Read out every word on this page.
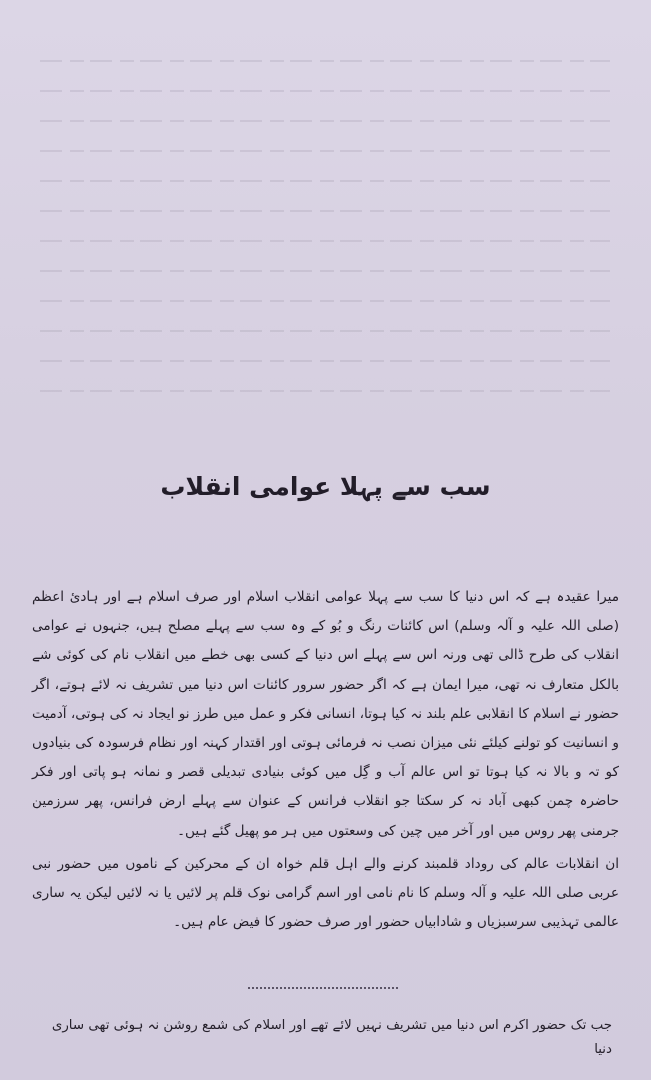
سب سے پہلا عوامی انقلاب

میرا عقیدہ ہے کہ اس دنیا کا سب سے پہلا عوامی انقلاب اسلام اور صرف اسلام ہے اور ہادیٔ اعظم (صلی اللہ علیہ و آلہ وسلم) اس کائنات رنگ و بُو کے وہ سب سے پہلے مصلح ہیں، جنہوں نے عوامی انقلاب کی طرح ڈالی تھی ورنہ اس سے پہلے اس دنیا کے کسی بھی خطے میں انقلاب نام کی کوئی شے بالکل متعارف نہ تھی، میرا ایمان ہے کہ اگر حضور سرور کائنات اس دنیا میں تشریف نہ لائے ہوتے، اگر حضور نے اسلام کا انقلابی علم بلند نہ کیا ہوتا، انسانی فکر و عمل میں طرز نو ایجاد نہ کی ہوتی، آدمیت و انسانیت کو تولنے کیلئے نئی میزان نصب نہ فرمائی ہوتی اور اقتدار کہنہ اور نظام فرسودہ کی بنیادوں کو تہ و بالا نہ کیا ہوتا تو اس عالم آب و گِل میں کوئی بنیادی تبدیلی قصر و نمانہ ہو پاتی اور فکر حاضرہ چمن کبھی آباد نہ کر سکتا جو انقلاب فرانس کے عنوان سے پہلے ارض فرانس، پھر سرزمین جرمنی پھر روس میں اور آخر میں چین کی وسعتوں میں ہر مو پھیل گئے ہیں۔

ان انقلابات عالم کی روداد قلمبند کرنے والے اہل قلم خواہ ان کے محرکین کے ناموں میں حضور نبی عربی صلی اللہ علیہ و آلہ وسلم کا نام نامی اور اسم گرامی نوک قلم پر لائیں یا نہ لائیں لیکن یہ ساری عالمی تہذیبی سرسبزیاں و شادابیاں حضور اور صرف حضور کا فیض عام ہیں۔

جب تک حضور اکرم اس دنیا میں تشریف نہیں لائے تھے اور اسلام کی شمع روشن نہ ہوئی تھی ساری دنیا
